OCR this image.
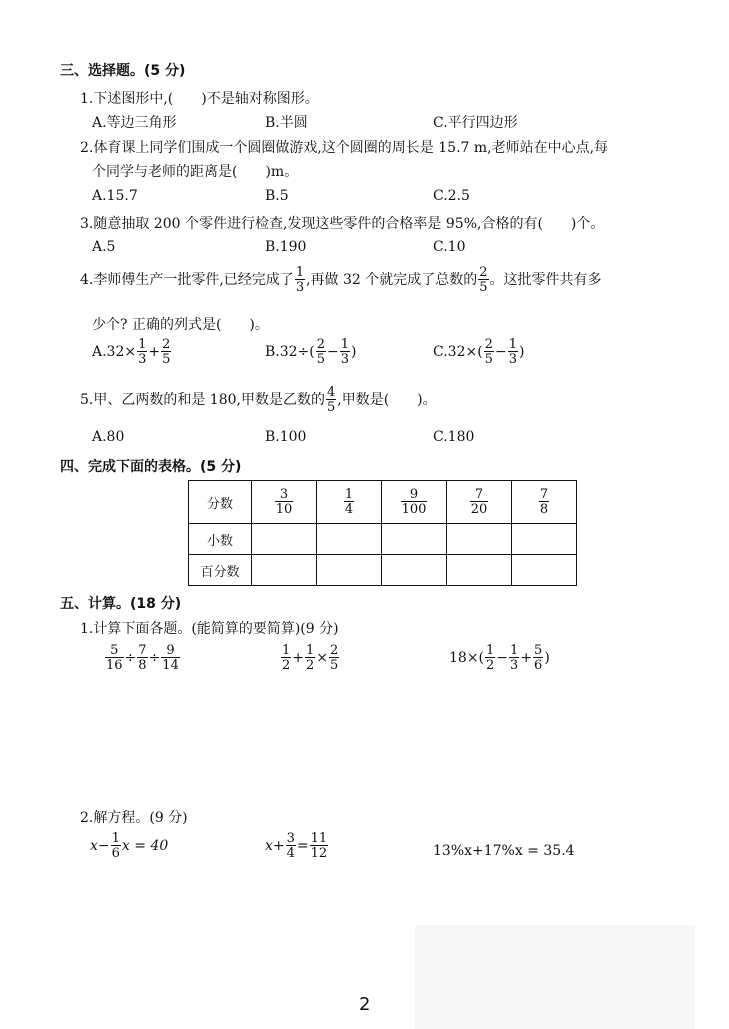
三、选择题。(5 分)
1.下述图形中,(　　)不是轴对称图形。
A.等边三角形	B.半圆	C.平行四边形
2.体育课上同学们围成一个圆圈做游戏,这个圆圈的周长是 15.7 m,老师站在中心点,每
个同学与老师的距离是(　　)m。
A.15.7	B.5	C.2.5
3.随意抽取 200 个零件进行检查,发现这些零件的合格率是 95%,合格的有(　　)个。
A.5	B.190	C.10
4.李师傅生产一批零件,已经完成了 $\frac{1}{3}$ ,再做 32 个就完成了总数的 $\frac{2}{5}$ 。这批零件共有多
少个? 正确的列式是(　　)。
$A.32\times \frac{1}{3} + \frac{2}{5}$	$B.32\div( \frac{2}{5} - \frac{1}{3}$ )	$C.32\times( \frac{2}{5} - \frac{1}{3}$ )
5.甲、乙两数的和是 180,甲数是乙数的 $\frac{4}{5}$ ,甲数是(　　)。
A.80	B.100	C.180
四、完成下面的表格。(5 分)
分数	$\frac{3}{10}$	$\frac{1}{4}$	$\frac{9}{100}$	$\frac{7}{20}$	$\frac{7}{8}$

小数					
百分数					
五、计算。(18 分)
1.计算下面各题。(能简算的要简算)(9 分)
$\frac{5}{16} \div \frac{7}{8} \div \frac{9}{14}$	$\frac{1}{2} + \frac{1}{2} \times \frac{2}{5}$	$18\times( \frac{1}{2} - \frac{1}{3} + \frac{5}{6}$ )
2.解方程。(9 分)
$x- \frac{1}{6}$ x = 40	$x+ \frac{3}{4} = \frac{11}{12}$	13%x+17%x = 35.4
2
